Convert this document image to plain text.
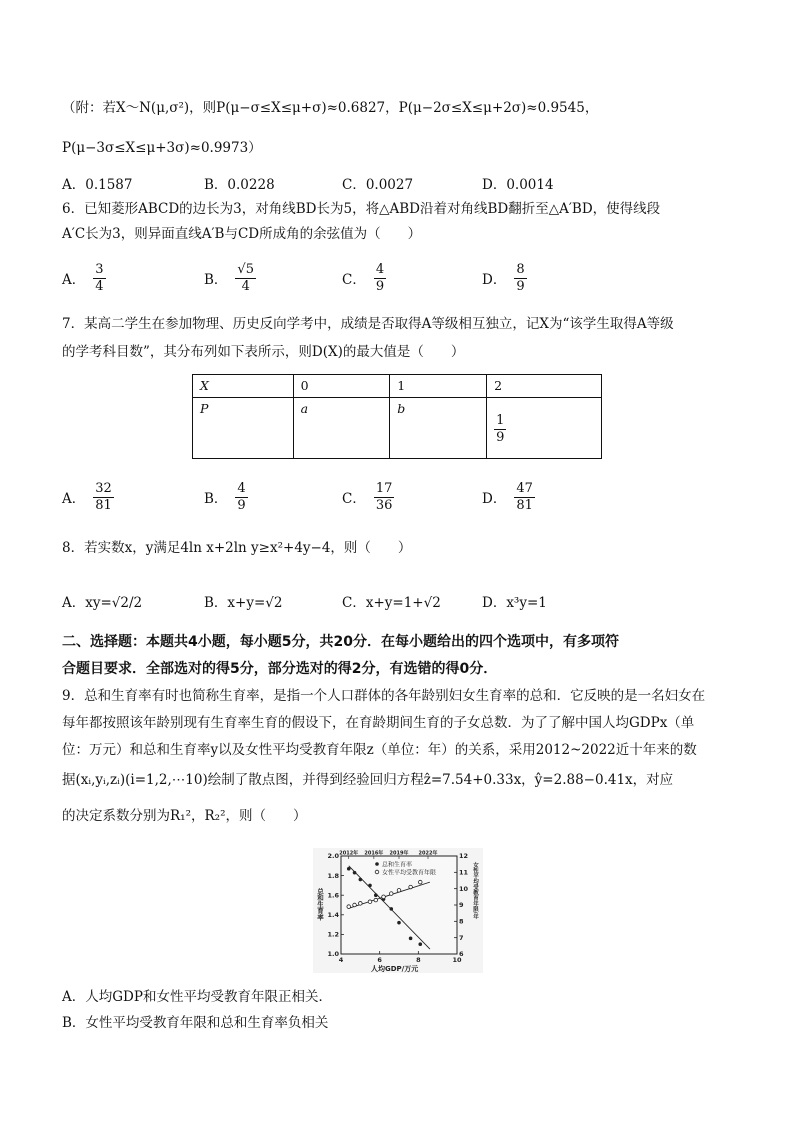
（附：若X～N(μ,σ²)，则P(μ−σ≤X≤μ+σ)≈0.6827，P(μ−2σ≤X≤μ+2σ)≈0.9545，
P(μ−3σ≤X≤μ+3σ)≈0.9973）
A．0.1587	B．0.0228	C．0.0027	D．0.0014
6．已知菱形ABCD的边长为3，对角线BD长为5，将△ABD沿着对角线BD翻折至△A′BD，使得线段
A′C长为3，则异面直线A′B与CD所成角的余弦值为（　　）
A． $\frac{3}{4}$	B． $\frac{√5}{4}$	C． $\frac{4}{9}$	D． $\frac{8}{9}$
7．某高二学生在参加物理、历史反向学考中，成绩是否取得A等级相互独立，记X为“该学生取得A等级
的学考科目数”，其分布列如下表所示，则D(X)的最大值是（　　）
X	0	1	2
P	a	b	$\frac{1}{9}$
A． $\frac{32}{81}$	B． $\frac{4}{9}$	C． $\frac{17}{36}$	D． $\frac{47}{81}$
8．若实数x，y满足4ln x+2ln y≥x²+4y−4，则（　　）
A．xy=√2/2	B．x+y=√2	C．x+y=1+√2	D．x³y=1
二、选择题：本题共4小题，每小题5分，共20分．在每小题给出的四个选项中，有多项符
合题目要求．全部选对的得5分，部分选对的得2分，有选错的得0分．
9．总和生育率有时也简称生育率，是指一个人口群体的各年龄别妇女生育率的总和．它反映的是一名妇女在
每年都按照该年龄别现有生育率生育的假设下，在育龄期间生育的子女总数．为了了解中国人均GDPx（单
位：万元）和总和生育率y以及女性平均受教育年限z（单位：年）的关系，采用2012~2022近十年来的数
据(xᵢ,yᵢ,zᵢ)(i=1,2,⋯10)绘制了散点图，并得到经验回归方程ẑ=7.54+0.33x，ŷ=2.88−0.41x，对应
的决定系数分别为R₁²，R₂²，则（　　）
4	6	8	10
1.0
1.2
1.4
1.6
1.8
2.0
6
7
8
9
10
11
12
2012年 2016年 2019年 2022年
总和生育率
女性平均受教育年限
人均GDP/万元
总和生育率	女性平均受教育年限/年
A．人均GDP和女性平均受教育年限正相关．
B．女性平均受教育年限和总和生育率负相关
